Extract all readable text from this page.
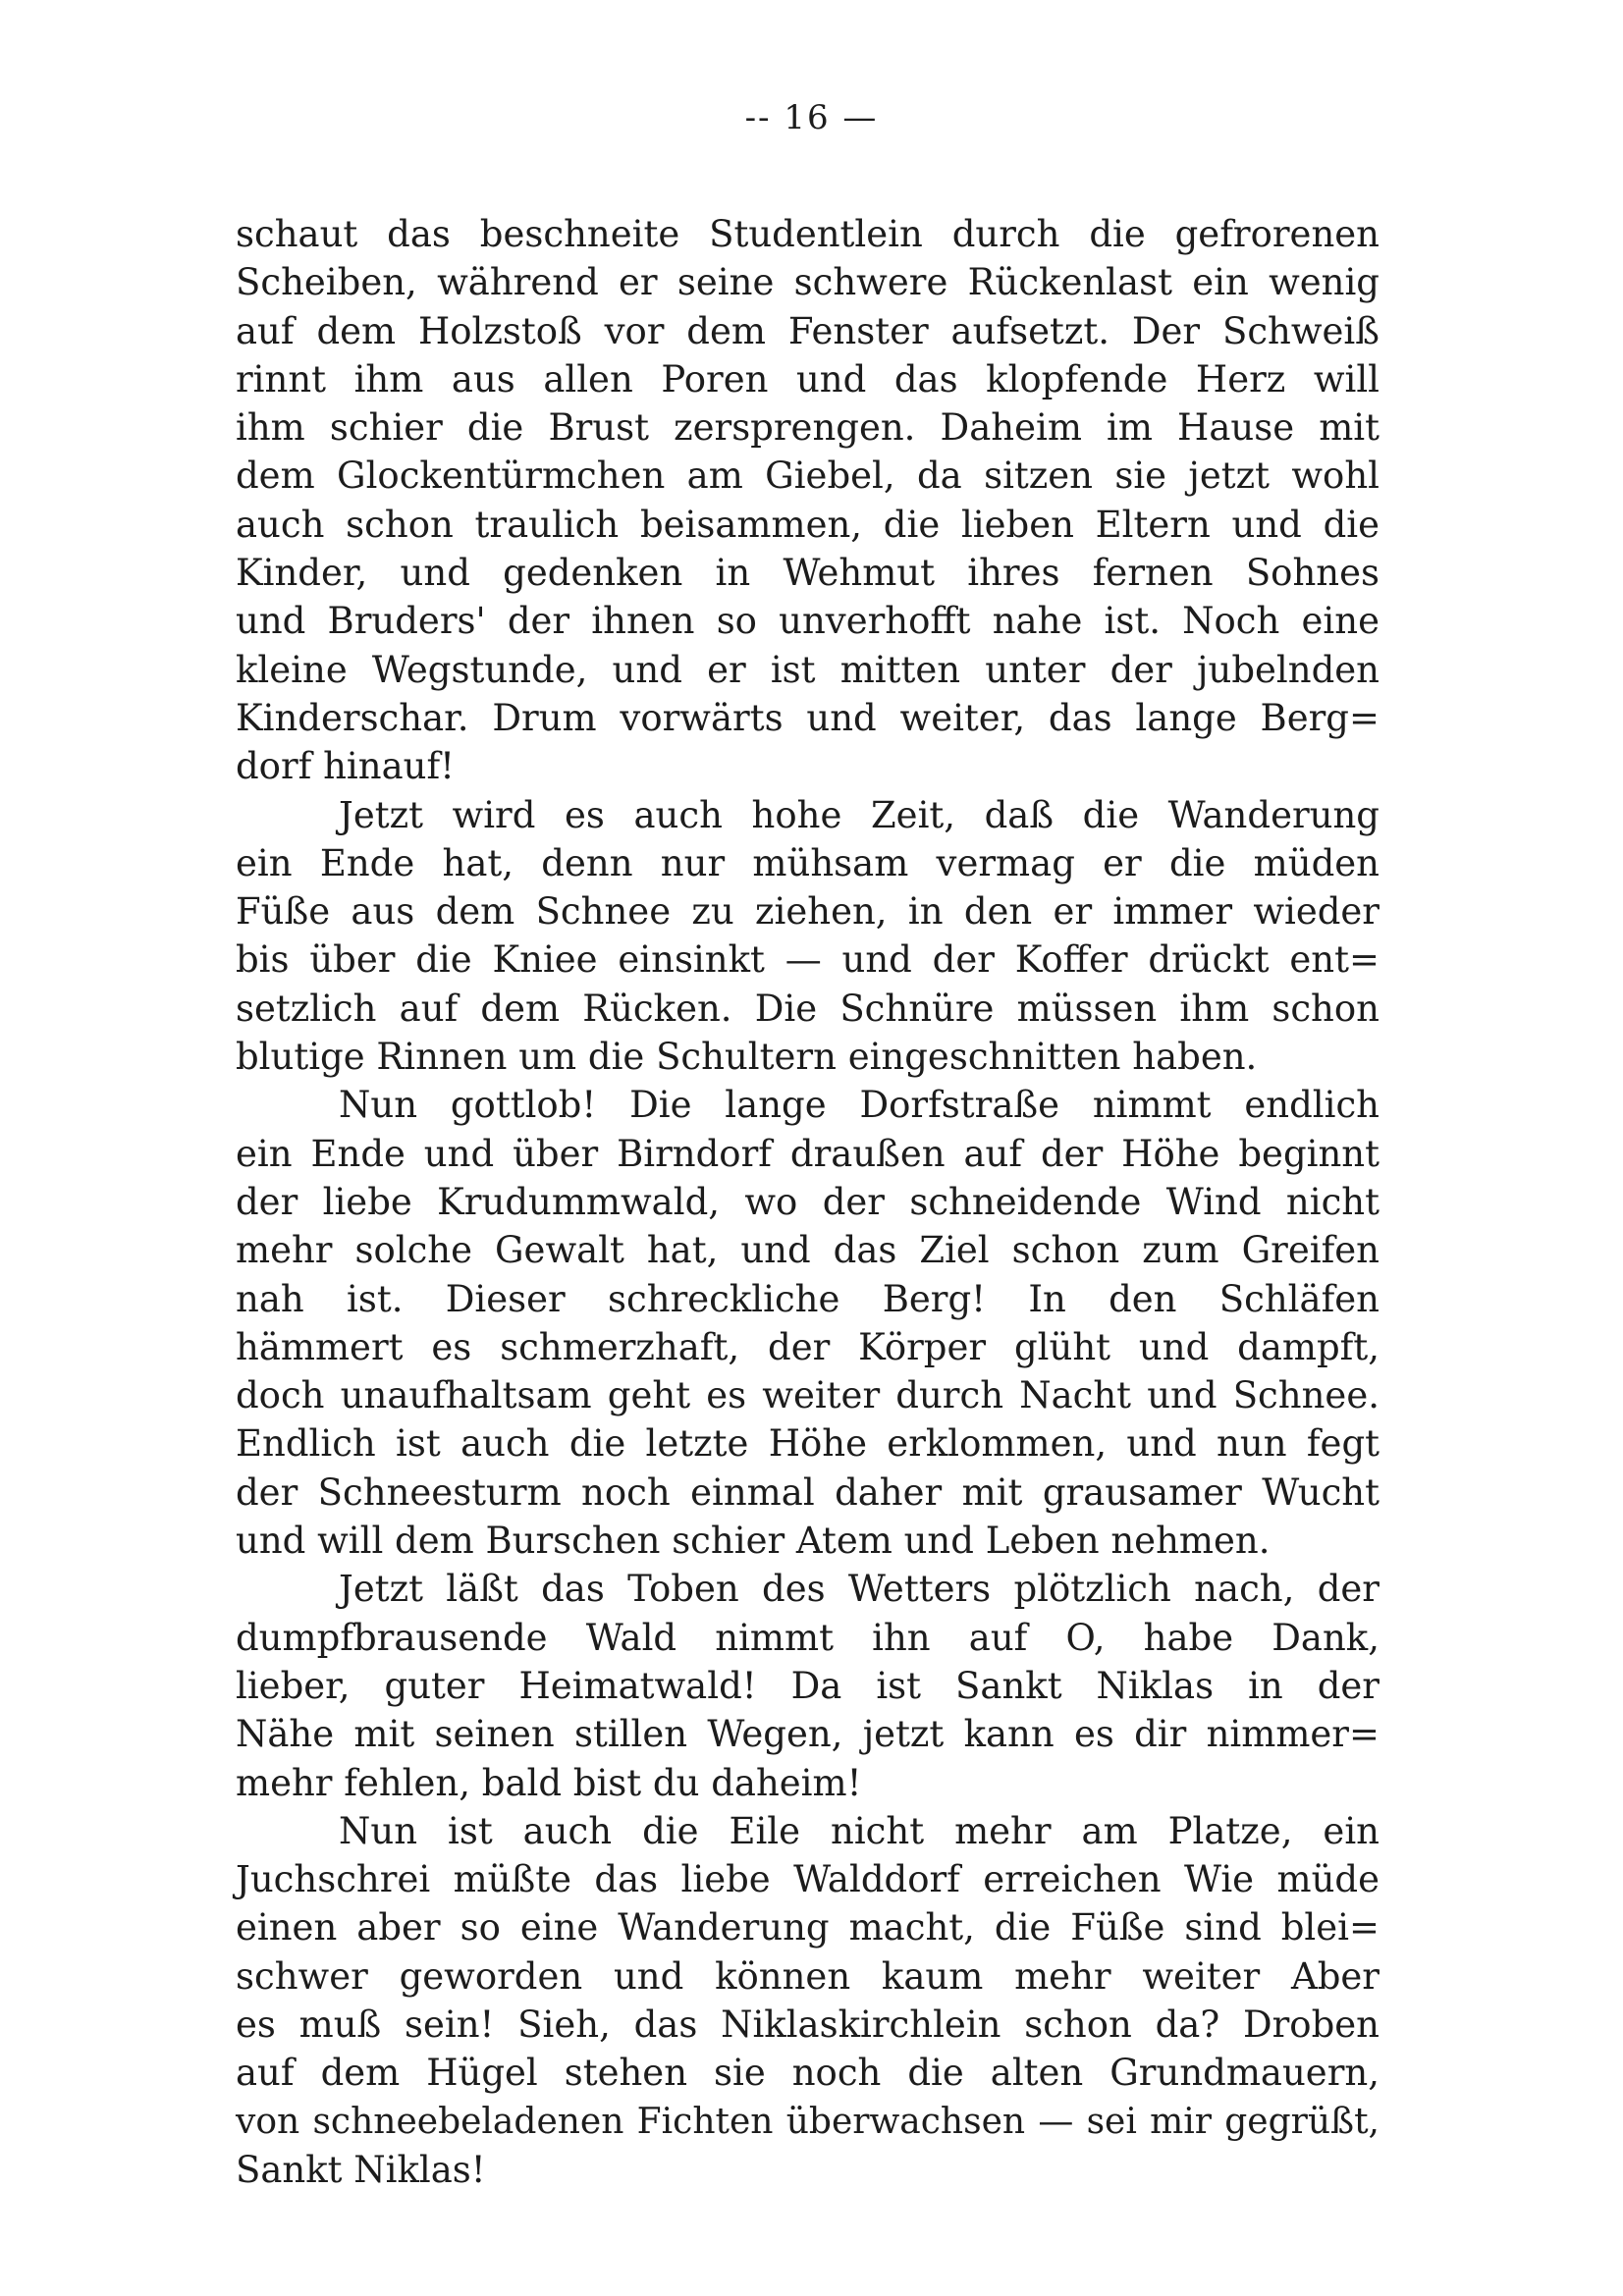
-- 16 —
schaut das beschneite Studentlein durch die gefrorenen
Scheiben, während er seine schwere Rückenlast ein wenig
auf dem Holzstoß vor dem Fenster aufsetzt. Der Schweiß
rinnt ihm aus allen Poren und das klopfende Herz will
ihm schier die Brust zersprengen. Daheim im Hause mit
dem Glockentürmchen am Giebel, da sitzen sie jetzt wohl
auch schon traulich beisammen, die lieben Eltern und die
Kinder, und gedenken in Wehmut ihres fernen Sohnes
und Bruders' der ihnen so unverhofft nahe ist. Noch eine
kleine Wegstunde, und er ist mitten unter der jubelnden
Kinderschar. Drum vorwärts und weiter, das lange Berg=
dorf hinauf!
Jetzt wird es auch hohe Zeit, daß die Wanderung
ein Ende hat, denn nur mühsam vermag er die müden
Füße aus dem Schnee zu ziehen, in den er immer wieder
bis über die Kniee einsinkt — und der Koffer drückt ent=
setzlich auf dem Rücken. Die Schnüre müssen ihm schon
blutige Rinnen um die Schultern eingeschnitten haben.
Nun gottlob! Die lange Dorfstraße nimmt endlich
ein Ende und über Birndorf draußen auf der Höhe beginnt
der liebe Krudummwald, wo der schneidende Wind nicht
mehr solche Gewalt hat, und das Ziel schon zum Greifen
nah ist. Dieser schreckliche Berg! In den Schläfen
hämmert es schmerzhaft, der Körper glüht und dampft,
doch unaufhaltsam geht es weiter durch Nacht und Schnee.
Endlich ist auch die letzte Höhe erklommen, und nun fegt
der Schneesturm noch einmal daher mit grausamer Wucht
und will dem Burschen schier Atem und Leben nehmen.
Jetzt läßt das Toben des Wetters plötzlich nach, der
dumpfbrausende Wald nimmt ihn auf O, habe Dank,
lieber, guter Heimatwald! Da ist Sankt Niklas in der
Nähe mit seinen stillen Wegen, jetzt kann es dir nimmer=
mehr fehlen, bald bist du daheim!
Nun ist auch die Eile nicht mehr am Platze, ein
Juchschrei müßte das liebe Walddorf erreichen Wie müde
einen aber so eine Wanderung macht, die Füße sind blei=
schwer geworden und können kaum mehr weiter Aber
es muß sein! Sieh, das Niklaskirchlein schon da? Droben
auf dem Hügel stehen sie noch die alten Grundmauern,
von schneebeladenen Fichten überwachsen — sei mir gegrüßt,
Sankt Niklas!
